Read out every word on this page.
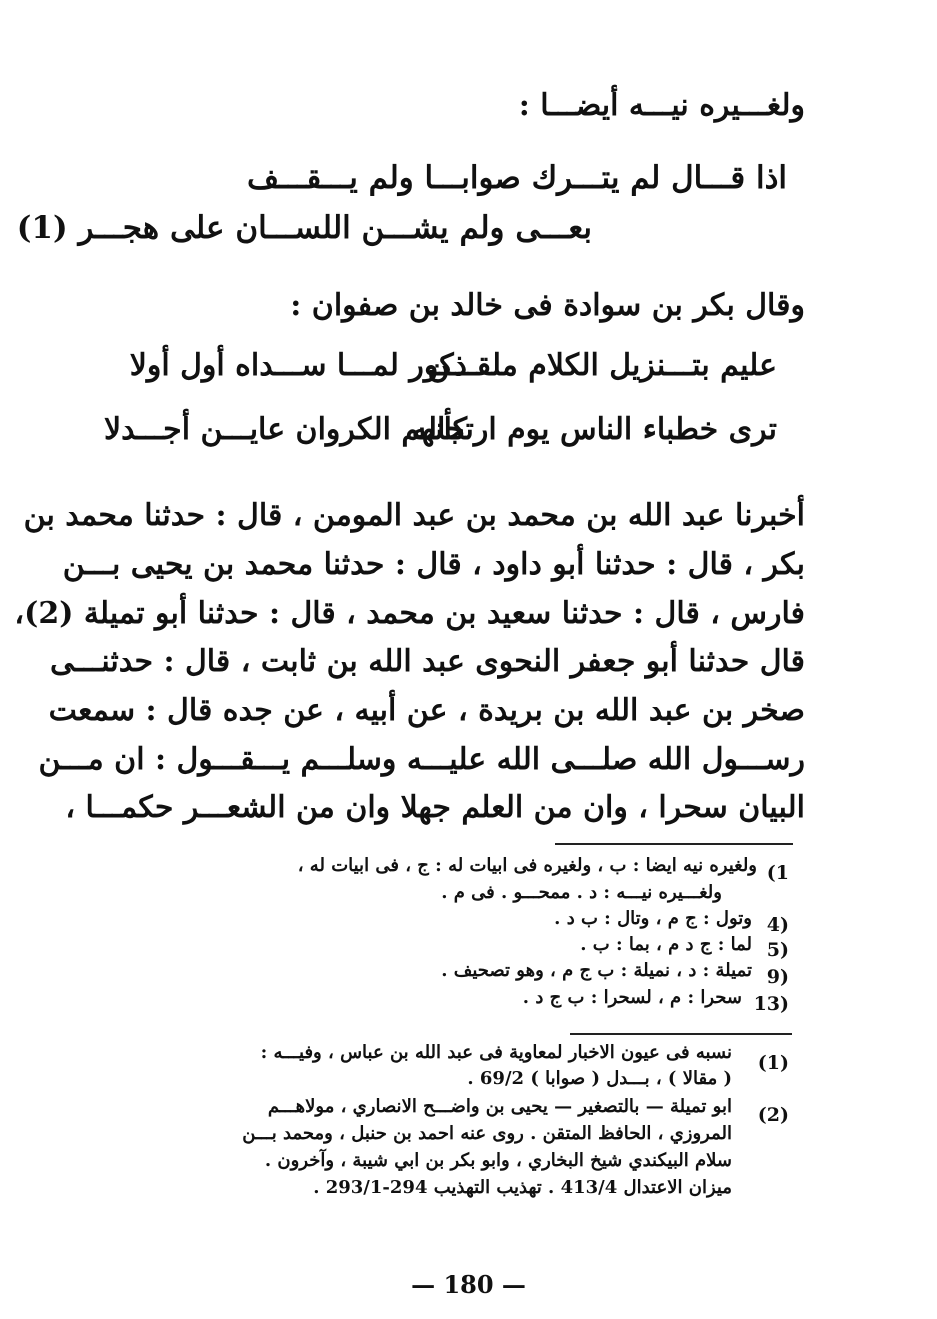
ولغـــيره نيـــه أيضـــا :
اذا قـــال لم يتـــرك صوابـــا ولم يـــقـــف
بعـــى ولم يشـــن اللســـان على هجـــر (1)
وقال بكر بن سوادة فى خالد بن صفوان :
عليم بتـــنزيل الكلام ملقـــن
ذكور لمـــا ســـداه أول أولا
ترى خطباء الناس يوم ارتجاله
كأنهم الكروان عايـــن أجـــدلا
أخبرنا عبد الله بن محمد بن عبد المومن ، قال : حدثنا محمد بن
بكر ، قال : حدثنا أبو داود ، قال : حدثنا محمد بن يحيى بـــن
فارس ، قال : حدثنا سعيد بن محمد ، قال : حدثنا أبو تميلة (2)،
قال حدثنا أبو جعفر النحوى عبد الله بن ثابت ، قال : حدثنـــى
صخر بن عبد الله بن بريدة ، عن أبيه ، عن جده قال : سمعت
رســـول الله صلـــى الله عليـــه وسلـــم يـــقـــول : ان مـــن
البيان سحرا ، وان من العلم جهلا وان من الشعـــر حكمـــا ،
(1
ولغيره نيه ايضا : ب ، ولغيره فى ابيات له : ج ، فى ابيات له ،
ولغـــيره نيـــه : د . ممحـــو . فى م .
4)
وتول : ج م ، وتال : ب د .
5)
لما : ج د م ، بما : ب .
9)
تميلة : د ، نميلة : ب ج م ، وهو تصحيف .
13)
سحرا : م ، لسحرا : ب ج د .
(1)
نسبه فى عيون الاخبار لمعاوية فى عبد الله بن عباس ، وفيـــه :
( مقالا ) ، بـــدل ( صوابا ) 69/2 .
(2)
ابو تميلة — بالتصغير — يحيى بن واضـــح الانصاري ، مولاهـــم
المروزي ، الحافظ المتقن . روى عنه احمد بن حنبل ، ومحمد بـــن
سلام البيكندي شيخ البخاري ، وابو بكر بن ابي شيبة ، وآخرون .
ميزان الاعتدال 413/4 . تهذيب التهذيب 294-293/1 .
— 180 —
